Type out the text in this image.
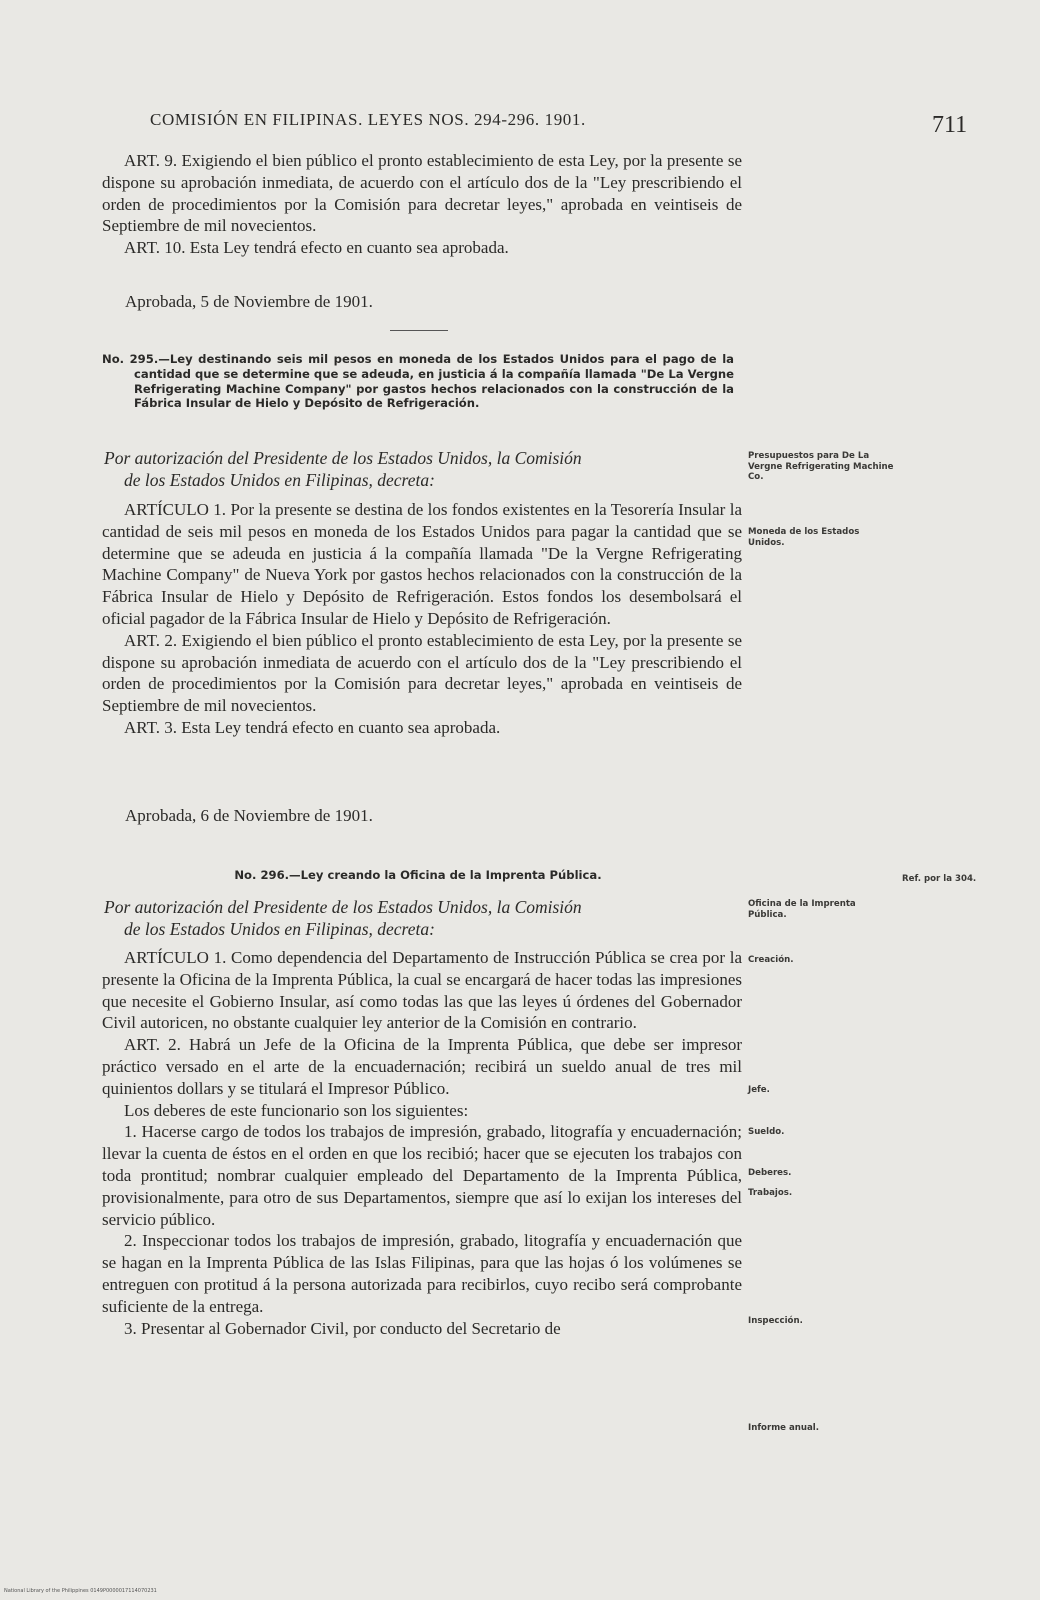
COMISIÓN EN FILIPINAS. LEYES NOS. 294-296. 1901.	711

ART. 9. Exigiendo el bien público el pronto establecimiento de esta Ley, por la presente se dispone su aprobación inmediata, de acuerdo con el artículo dos de la "Ley prescribiendo el orden de procedimientos por la Comisión para decretar leyes," aprobada en veintiseis de Septiembre de mil novecientos.

ART. 10. Esta Ley tendrá efecto en cuanto sea aprobada.

Aprobada, 5 de Noviembre de 1901.
No. 295.—Ley destinando seis mil pesos en moneda de los Estados Unidos para el pago de la cantidad que se determine que se adeuda, en justicia á la compañía llamada "De La Vergne Refrigerating Machine Company" por gastos hechos relacionados con la construcción de la Fábrica Insular de Hielo y Depósito de Refrigeración.
Por autorización del Presidente de los Estados Unidos, la Comisión
de los Estados Unidos en Filipinas, decreta:
Presupuestos para De La Vergne Refrigerating Machine Co.
Moneda de los Estados Unidos.

ARTÍCULO 1. Por la presente se destina de los fondos existentes en la Tesorería Insular la cantidad de seis mil pesos en moneda de los Estados Unidos para pagar la cantidad que se determine que se adeuda en justicia á la compañía llamada "De la Vergne Refrigerating Machine Company" de Nueva York por gastos hechos relacionados con la construcción de la Fábrica Insular de Hielo y Depósito de Refrigeración. Estos fondos los desembolsará el oficial pagador de la Fábrica Insular de Hielo y Depósito de Refrigeración.

ART. 2. Exigiendo el bien público el pronto establecimiento de esta Ley, por la presente se dispone su aprobación inmediata de acuerdo con el artículo dos de la "Ley prescribiendo el orden de procedimientos por la Comisión para decretar leyes," aprobada en veintiseis de Septiembre de mil novecientos.

ART. 3. Esta Ley tendrá efecto en cuanto sea aprobada.

Aprobada, 6 de Noviembre de 1901.
No. 296.—Ley creando la Oficina de la Imprenta Pública.	Ref. por la 304.
Por autorización del Presidente de los Estados Unidos, la Comisión
de los Estados Unidos en Filipinas, decreta:
Oficina de la Imprenta Pública.

ARTÍCULO 1. Como dependencia del Departamento de Instrucción Pública se crea por la presente la Oficina de la Imprenta Pública, la cual se encargará de hacer todas las impresiones que necesite el Gobierno Insular, así como todas las que las leyes ú órdenes del Gobernador Civil autoricen, no obstante cualquier ley anterior de la Comisión en contrario.

ART. 2. Habrá un Jefe de la Oficina de la Imprenta Pública, que debe ser impresor práctico versado en el arte de la encuadernación; recibirá un sueldo anual de tres mil quinientos dollars y se titulará el Impresor Público.

Los deberes de este funcionario son los siguientes:

1. Hacerse cargo de todos los trabajos de impresión, grabado, litografía y encuadernación; llevar la cuenta de éstos en el orden en que los recibió; hacer que se ejecuten los trabajos con toda prontitud; nombrar cualquier empleado del Departamento de la Imprenta Pública, provisionalmente, para otro de sus Departamentos, siempre que así lo exijan los intereses del servicio público.

2. Inspeccionar todos los trabajos de impresión, grabado, litografía y encuadernación que se hagan en la Imprenta Pública de las Islas Filipinas, para que las hojas ó los volúmenes se entreguen con protitud á la persona autorizada para recibirlos, cuyo recibo será comprobante suficiente de la entrega.

3. Presentar al Gobernador Civil, por conducto del Secretario de

Creación.
Jefe.
Sueldo.
Deberes.
Trabajos.
Inspección.
Informe anual.
National Library of the Philippines 0149P0000017114070231
